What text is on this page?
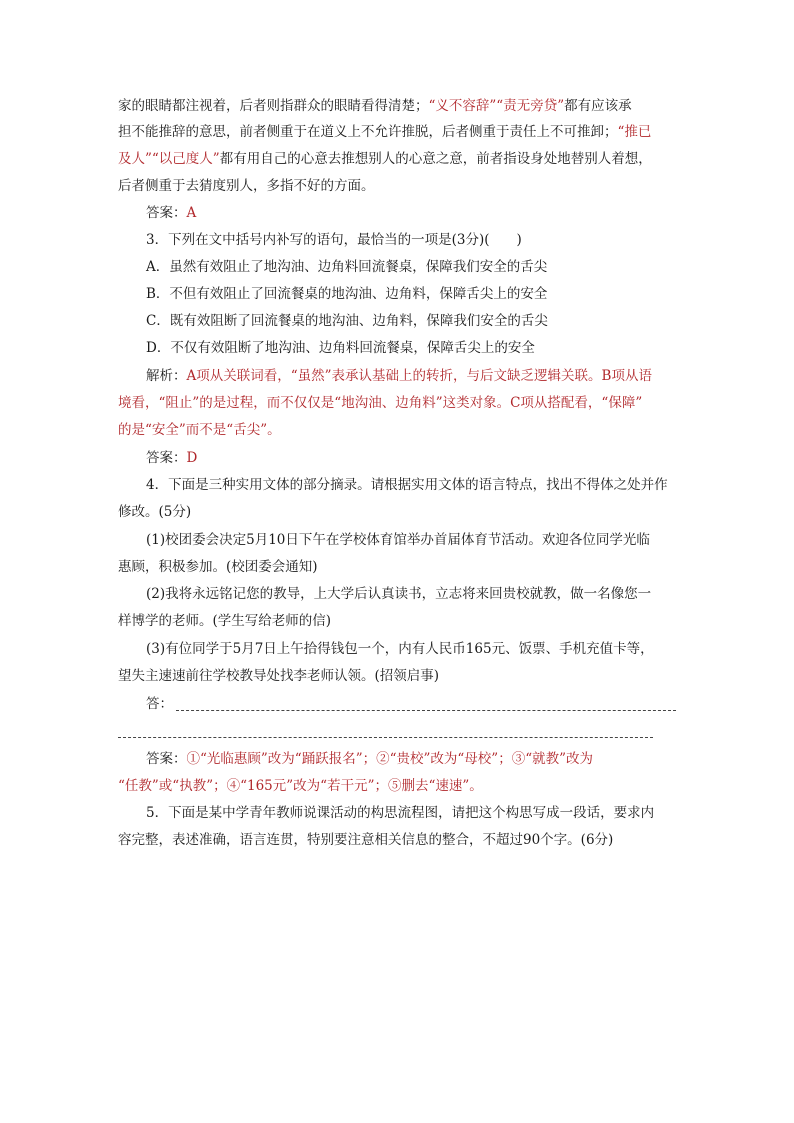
家的眼睛都注视着，后者则指群众的眼睛看得清楚；“义不容辞”“责无旁贷”都有应该承
担不能推辞的意思，前者侧重于在道义上不允许推脱，后者侧重于责任上不可推卸；“推已
及人”“以己度人”都有用自己的心意去推想别人的心意之意，前者指设身处地替别人着想，
后者侧重于去猜度别人，多指不好的方面。
答案：A
3．下列在文中括号内补写的语句，最恰当的一项是(3分)(　　)
A．虽然有效阻止了地沟油、边角料回流餐桌，保障我们安全的舌尖
B．不但有效阻止了回流餐桌的地沟油、边角料，保障舌尖上的安全
C．既有效阻断了回流餐桌的地沟油、边角料，保障我们安全的舌尖
D．不仅有效阻断了地沟油、边角料回流餐桌，保障舌尖上的安全
解析：A项从关联词看，“虽然”表承认基础上的转折，与后文缺乏逻辑关联。B项从语
境看，“阻止”的是过程，而不仅仅是“地沟油、边角料”这类对象。C项从搭配看，“保障”
的是“安全”而不是“舌尖”。
答案：D
4．下面是三种实用文体的部分摘录。请根据实用文体的语言特点，找出不得体之处并作
修改。(5分)
(1)校团委会决定5月10日下午在学校体育馆举办首届体育节活动。欢迎各位同学光临
惠顾，积极参加。(校团委会通知)
(2)我将永远铭记您的教导，上大学后认真读书，立志将来回贵校就教，做一名像您一
样博学的老师。(学生写给老师的信)
(3)有位同学于5月7日上午拾得钱包一个，内有人民币165元、饭票、手机充值卡等，
望失主速速前往学校教导处找李老师认领。(招领启事)
答：
答案：①“光临惠顾”改为“踊跃报名”；②“贵校”改为“母校”；③“就教”改为
“任教”或“执教”；④“165元”改为“若干元”；⑤删去“速速”。
5．下面是某中学青年教师说课活动的构思流程图，请把这个构思写成一段话，要求内
容完整，表述准确，语言连贯，特别要注意相关信息的整合，不超过90个字。(6分)
